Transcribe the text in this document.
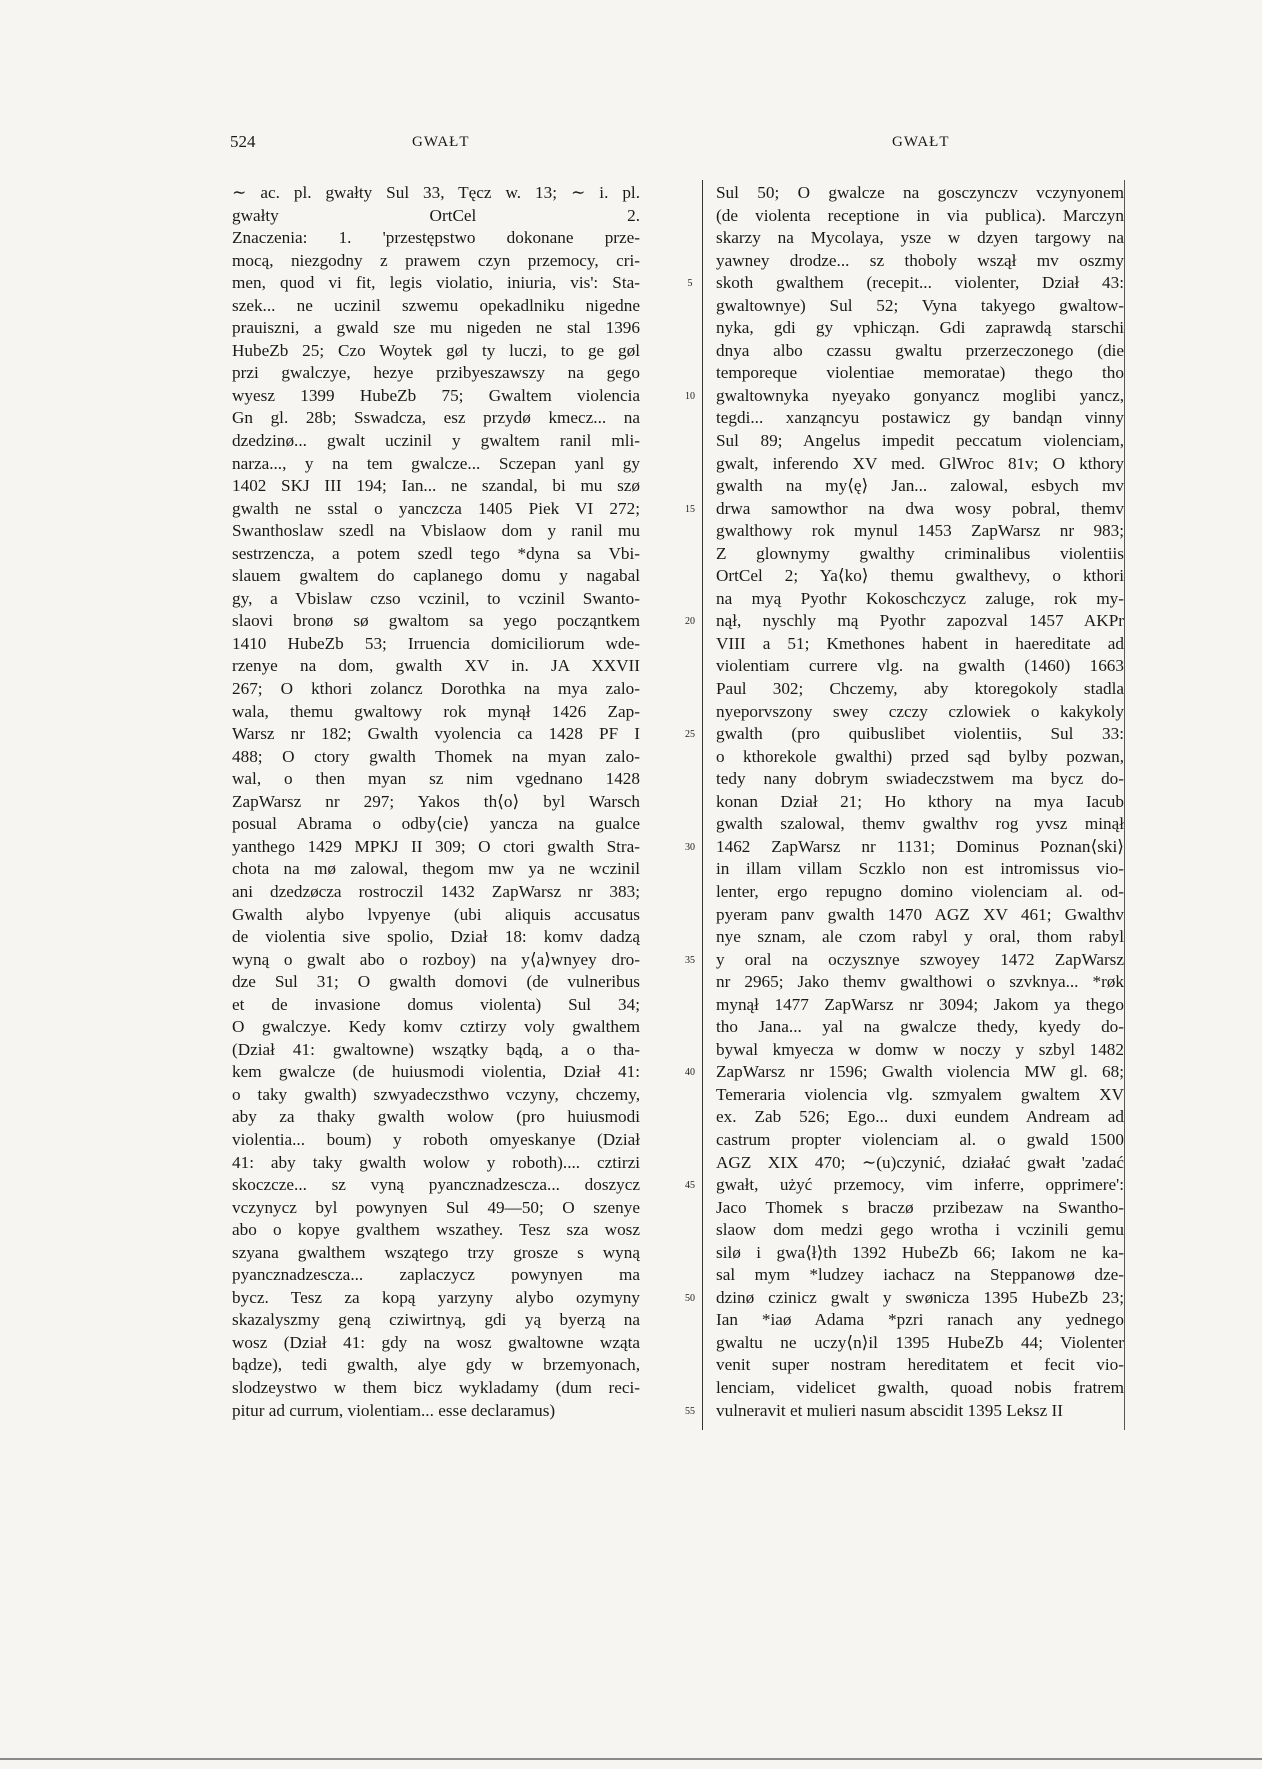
524	GWAŁT	GWAŁT
∼ ac. pl. gwałty Sul 33, Tęcz w. 13; ∼ i. pl.
gwałty OrtCel 2.
Znaczenia: 1. 'przestępstwo dokonane prze-
mocą, niezgodny z prawem czyn przemocy, cri-
men, quod vi fit, legis violatio, iniuria, vis': Sta-
szek... ne uczinil szwemu opekadlniku nigedne
prauiszni, a gwald sze mu nigeden ne stal 1396
HubeZb 25; Czo Woytek gøl ty luczi, to ge gøl
przi gwalczye, hezye przibyeszawszy na gego
wyesz 1399 HubeZb 75; Gwaltem violencia
Gn gl. 28b; Sswadcza, esz przydø kmecz... na
dzedzinø... gwalt uczinil y gwaltem ranil mli-
narza..., y na tem gwalcze... Sczepan yanl gy
1402 SKJ III 194; Ian... ne szandal, bi mu szø
gwalth ne sstal o yanczcza 1405 Piek VI 272;
Swanthoslaw szedl na Vbislaow dom y ranil mu
sestrzencza, a potem szedl tego *dyna sa Vbi-
slauem gwaltem do caplanego domu y nagabal
gy, a Vbislaw czso vczinil, to vczinil Swanto-
slaovi bronø sø gwaltom sa yego począntkem
1410 HubeZb 53; Irruencia domiciliorum wde-
rzenye na dom, gwalth XV in. JA XXVII
267; O kthori zolancz Dorothka na mya zalo-
wala, themu gwaltowy rok mynął 1426 Zap-
Warsz nr 182; Gwalth vyolencia ca 1428 PF I
488; O ctory gwalth Thomek na myan zalo-
wal, o then myan sz nim vgednano 1428
ZapWarsz nr 297; Yakos th⟨o⟩ byl Warsch
posual Abrama o odby⟨cie⟩ yancza na gualce
yanthego 1429 MPKJ II 309; O ctori gwalth Stra-
chota na mø zalowal, thegom mw ya ne wczinil
ani dzedzøcza rostroczil 1432 ZapWarsz nr 383;
Gwalth alybo lvpyenye (ubi aliquis accusatus
de violentia sive spolio, Dział 18: komv dadzą
wyną o gwalt abo o rozboy) na y⟨a⟩wnyey dro-
dze Sul 31; O gwalth domovi (de vulneribus
et de invasione domus violenta) Sul 34;
O gwalczye. Kedy komv cztirzy voly gwalthem
(Dział 41: gwaltowne) wszątky bądą, a o tha-
kem gwalcze (de huiusmodi violentia, Dział 41:
o taky gwalth) szwyadeczsthwo vczyny, chczemy,
aby za thaky gwalth wolow (pro huiusmodi
violentia... boum) y roboth omyeskanye (Dział
41: aby taky gwalth wolow y roboth).... cztirzi
skoczcze... sz vyną pyancznadzescza... doszycz
vczynycz byl powynyen Sul 49—50; O szenye
abo o kopye gvalthem wszathey. Tesz sza wosz
szyana gwalthem wszątego trzy grosze s wyną
pyancznadzescza... zaplaczycz powynyen ma
bycz. Tesz za kopą yarzyny alybo ozymyny
skazalyszmy geną cziwirtnyą, gdi yą byerzą na
wosz (Dział 41: gdy na wosz gwaltowne wząta
bądze), tedi gwalth, alye gdy w brzemyonach,
slodzeystwo w them bicz wykladamy (dum reci-
pitur ad currum, violentiam... esse declaramus)
Sul 50; O gwalcze na gosczynczv vczynyonem
(de violenta receptione in via publica). Marczyn
skarzy na Mycolaya, ysze w dzyen targowy na
yawney drodze... sz thoboly wszął mv oszmy
skoth gwalthem (recepit... violenter, Dział 43:
gwaltownye) Sul 52; Vyna takyego gwaltow-
nyka, gdi gy vphicząn. Gdi zaprawdą starschi
dnya albo czassu gwaltu przerzeczonego (die
temporeque violentiae memoratae) thego tho
gwaltownyka nyeyako gonyancz moglibi yancz,
tegdi... xanząncyu postawicz gy bandąn vinny
Sul 89; Angelus impedit peccatum violenciam,
gwalt, inferendo XV med. GlWroc 81v; O kthory
gwalth na my⟨ę⟩ Jan... zalowal, esbych mv
drwa samowthor na dwa wosy pobral, themv
gwalthowy rok mynul 1453 ZapWarsz nr 983;
Z glownymy gwalthy criminalibus violentiis
OrtCel 2; Ya⟨ko⟩ themu gwalthevy, o kthori
na myą Pyothr Kokoschczycz zaluge, rok my-
nął, nyschly mą Pyothr zapozval 1457 AKPr
VIII a 51; Kmethones habent in haereditate ad
violentiam currere vlg. na gwalth (1460) 1663
Paul 302; Chczemy, aby ktoregokoly stadla
nyeporvszony swey czczy czlowiek o kakykoly
gwalth (pro quibuslibet violentiis, Sul 33:
o kthorekole gwalthi) przed sąd bylby pozwan,
tedy nany dobrym swiadeczstwem ma bycz do-
konan Dział 21; Ho kthory na mya Iacub
gwalth szalowal, themv gwalthv rog yvsz minął
1462 ZapWarsz nr 1131; Dominus Poznan⟨ski⟩
in illam villam Sczklo non est intromissus vio-
lenter, ergo repugno domino violenciam al. od-
pyeram panv gwalth 1470 AGZ XV 461; Gwalthv
nye sznam, ale czom rabyl y oral, thom rabyl
y oral na oczysznye szwoyey 1472 ZapWarsz
nr 2965; Jako themv gwalthowi o szvknya... *røk
mynął 1477 ZapWarsz nr 3094; Jakom ya thego
tho Jana... yal na gwalcze thedy, kyedy do-
bywal kmyecza w domw w noczy y szbyl 1482
ZapWarsz nr 1596; Gwalth violencia MW gl. 68;
Temeraria violencia vlg. szmyalem gwaltem XV
ex. Zab 526; Ego... duxi eundem Andream ad
castrum propter violenciam al. o gwald 1500
AGZ XIX 470; ∼(u)czynić, działać gwałt 'zadać
gwałt, użyć przemocy, vim inferre, opprimere':
Jaco Thomek s braczø przibezaw na Swantho-
slaow dom medzi gego wrotha i vczinili gemu
silø i gwa⟨ł⟩th 1392 HubeZb 66; Iakom ne ka-
sal mym *ludzey iachacz na Steppanowø dze-
dzinø czinicz gwalt y swønicza 1395 HubeZb 23;
Ian *iaø Adama *pzri ranach any yednego
gwaltu ne uczy⟨n⟩il 1395 HubeZb 44; Violenter
venit super nostram hereditatem et fecit vio-
lenciam, videlicet gwalth, quoad nobis fratrem
vulneravit et mulieri nasum abscidit 1395 Leksz II
5
10
15
20
25
30
35
40
45
50
55
